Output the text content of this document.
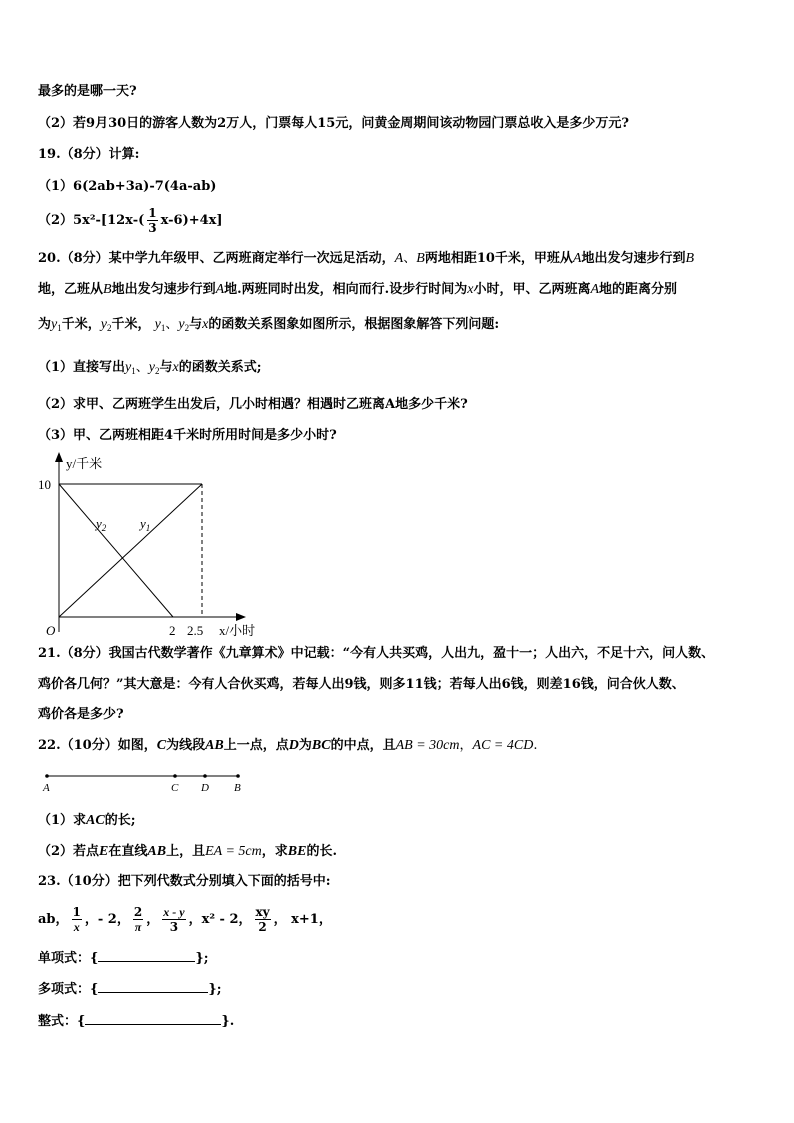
最多的是哪一天?
（2）若9月30日的游客人数为2万人，门票每人15元，问黄金周期间该动物园门票总收入是多少万元?
19.（8分）计算:
（1）6(2ab+3a)-7(4a-ab)
$(2)5x^2-[12x-( \frac{1}{3} x-6)+4x]$
20.（8分）某中学九年级甲、乙两班商定举行一次远足活动，A、B两地相距10千米，甲班从A地出发匀速步行到B
地，乙班从B地出发匀速步行到A地.两班同时出发，相向而行.设步行时间为x小时，甲、乙两班离A地的距离分别
为$y_1$千米，$y_2$千米， $y_1$、$y_2$与x的函数关系图象如图所示，根据图象解答下列问题:
（1）直接写出$y_1$、$y_2$与x的函数关系式;
（2）求甲、乙两班学生出发后，几小时相遇？相遇时乙班离A地多少千米?
（3）甲、乙两班相距4千米时所用时间是多少小时?
y/千米
10
O	2 2.5 x/小时
$y_2$	$y_1$
21.（8分）我国古代数学著作《九章算术》中记载：“今有人共买鸡，人出九，盈十一；人出六，不足十六，问人数、
鸡价各几何？”其大意是：今有人合伙买鸡，若每人出9钱，则多11钱；若每人出6钱，则差16钱，问合伙人数、
鸡价各是多少?
22.（10分）如图，C为线段AB上一点，点D为BC的中点，且AB = 30cm，AC = 4CD.
A	C D B
（1）求AC的长;
（2）若点E在直线AB上，且EA = 5cm，求BE的长.
23.（10分）把下列代数式分别填入下面的括号中:
ab， $\frac{1}{x}$ ，- 2， $\frac{2}{\pi}$ ， $\frac{x - y}{3}$ ，x² - 2， $\frac{xy}{2}$ ， x+1，
单项式：{	};
多项式：{	};
整式：{	}.
